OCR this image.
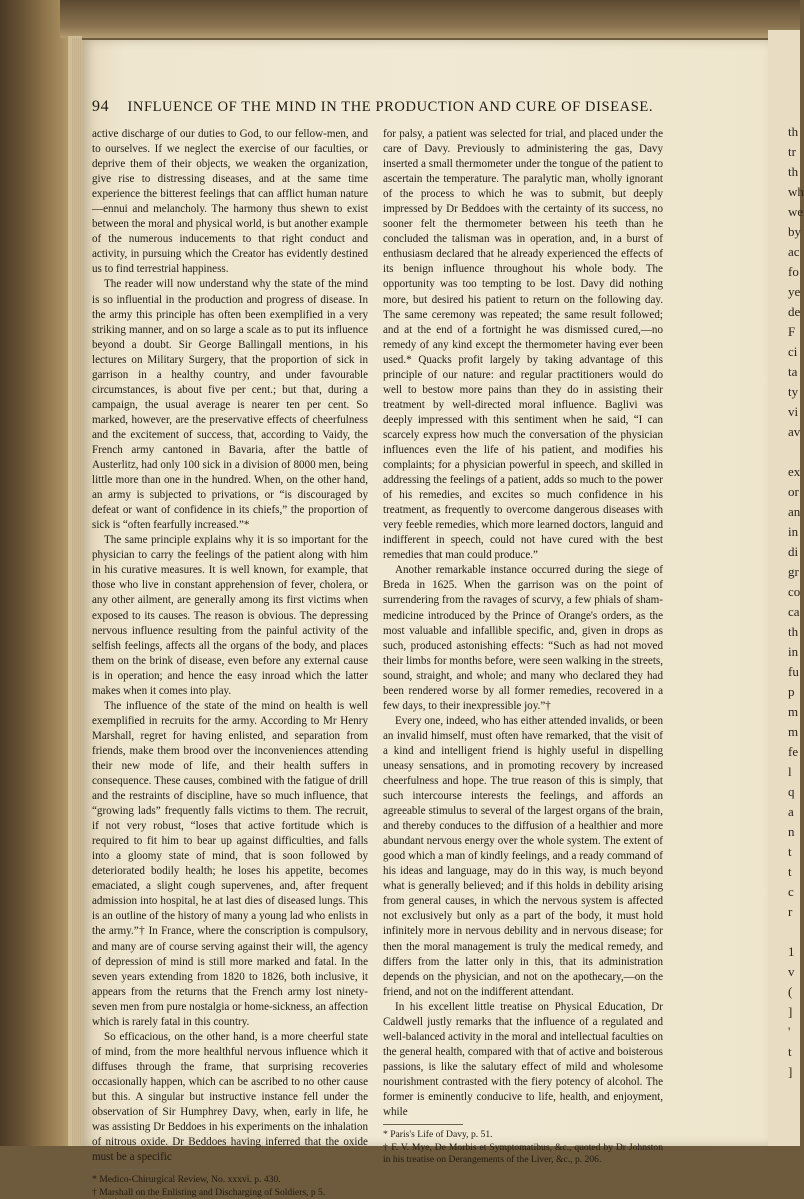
th
tr
th
wh
we
by
ac
fo
ye
de
F
ci
ta
ty
vi
av

ex
or
an
in
di
gr
co
ca
th
in
fu
p
m
m
fe
l
q
a
n
t
t
c
r

1
v
(
]
'
t
]
94 INFLUENCE OF THE MIND IN THE PRODUCTION AND CURE OF DISEASE.

active discharge of our duties to God, to our fellow-men, and to ourselves. If we neglect the exercise of our faculties, or deprive them of their objects, we weaken the organization, give rise to distressing diseases, and at the same time experience the bitterest feelings that can afflict human nature—ennui and melancholy. The harmony thus shewn to exist between the moral and physical world, is but another example of the numerous inducements to that right conduct and activity, in pursuing which the Creator has evidently destined us to find terrestrial happiness.

The reader will now understand why the state of the mind is so influential in the production and progress of disease. In the army this principle has often been exemplified in a very striking manner, and on so large a scale as to put its influence beyond a doubt. Sir George Ballingall mentions, in his lectures on Military Surgery, that the proportion of sick in garrison in a healthy country, and under favourable circumstances, is about five per cent.; but that, during a campaign, the usual average is nearer ten per cent. So marked, however, are the preservative effects of cheerfulness and the excitement of success, that, according to Vaidy, the French army cantoned in Bavaria, after the battle of Austerlitz, had only 100 sick in a division of 8000 men, being little more than one in the hundred. When, on the other hand, an army is subjected to privations, or “is discouraged by defeat or want of confidence in its chiefs,” the proportion of sick is “often fearfully increased.”*

The same principle explains why it is so important for the physician to carry the feelings of the patient along with him in his curative measures. It is well known, for example, that those who live in constant apprehension of fever, cholera, or any other ailment, are generally among its first victims when exposed to its causes. The reason is obvious. The depressing nervous influence resulting from the painful activity of the selfish feelings, affects all the organs of the body, and places them on the brink of disease, even before any external cause is in operation; and hence the easy inroad which the latter makes when it comes into play.

The influence of the state of the mind on health is well exemplified in recruits for the army. According to Mr Henry Marshall, regret for having enlisted, and separation from friends, make them brood over the inconveniences attending their new mode of life, and their health suffers in consequence. These causes, combined with the fatigue of drill and the restraints of discipline, have so much influence, that “growing lads” frequently falls victims to them. The recruit, if not very robust, “loses that active fortitude which is required to fit him to bear up against difficulties, and falls into a gloomy state of mind, that is soon followed by deteriorated bodily health; he loses his appetite, becomes emaciated, a slight cough supervenes, and, after frequent admission into hospital, he at last dies of diseased lungs. This is an outline of the history of many a young lad who enlists in the army.”† In France, where the conscription is compulsory, and many are of course serving against their will, the agency of depression of mind is still more marked and fatal. In the seven years extending from 1820 to 1826, both inclusive, it appears from the returns that the French army lost ninety-seven men from pure nostalgia or home-sickness, an affection which is rarely fatal in this country.

So efficacious, on the other hand, is a more cheerful state of mind, from the more healthful nervous influence which it diffuses through the frame, that surprising recoveries occasionally happen, which can be ascribed to no other cause but this. A singular but instructive instance fell under the observation of Sir Humphrey Davy, when, early in life, he was assisting Dr Beddoes in his experiments on the inhalation of nitrous oxide. Dr Beddoes having inferred that the oxide must be a specific

* Medico-Chirurgical Review, No. xxxvi. p. 430.

† Marshall on the Enlisting and Discharging of Soldiers, p 5.

for palsy, a patient was selected for trial, and placed under the care of Davy. Previously to administering the gas, Davy inserted a small thermometer under the tongue of the patient to ascertain the temperature. The paralytic man, wholly ignorant of the process to which he was to submit, but deeply impressed by Dr Beddoes with the certainty of its success, no sooner felt the thermometer between his teeth than he concluded the talisman was in operation, and, in a burst of enthusiasm declared that he already experienced the effects of its benign influence throughout his whole body. The opportunity was too tempting to be lost. Davy did nothing more, but desired his patient to return on the following day. The same ceremony was repeated; the same result followed; and at the end of a fortnight he was dismissed cured,—no remedy of any kind except the thermometer having ever been used.* Quacks profit largely by taking advantage of this principle of our nature: and regular practitioners would do well to bestow more pains than they do in assisting their treatment by well-directed moral influence. Baglivi was deeply impressed with this sentiment when he said, “I can scarcely express how much the conversation of the physician influences even the life of his patient, and modifies his complaints; for a physician powerful in speech, and skilled in addressing the feelings of a patient, adds so much to the power of his remedies, and excites so much confidence in his treatment, as frequently to overcome dangerous diseases with very feeble remedies, which more learned doctors, languid and indifferent in speech, could not have cured with the best remedies that man could produce.”

Another remarkable instance occurred during the siege of Breda in 1625. When the garrison was on the point of surrendering from the ravages of scurvy, a few phials of sham-medicine introduced by the Prince of Orange's orders, as the most valuable and infallible specific, and, given in drops as such, produced astonishing effects: “Such as had not moved their limbs for months before, were seen walking in the streets, sound, straight, and whole; and many who declared they had been rendered worse by all former remedies, recovered in a few days, to their inexpressible joy.”†

Every one, indeed, who has either attended invalids, or been an invalid himself, must often have remarked, that the visit of a kind and intelligent friend is highly useful in dispelling uneasy sensations, and in promoting recovery by increased cheerfulness and hope. The true reason of this is simply, that such intercourse interests the feelings, and affords an agreeable stimulus to several of the largest organs of the brain, and thereby conduces to the diffusion of a healthier and more abundant nervous energy over the whole system. The extent of good which a man of kindly feelings, and a ready command of his ideas and language, may do in this way, is much beyond what is generally believed; and if this holds in debility arising from general causes, in which the nervous system is affected not exclusively but only as a part of the body, it must hold infinitely more in nervous debility and in nervous disease; for then the moral management is truly the medical remedy, and differs from the latter only in this, that its administration depends on the physician, and not on the apothecary,—on the friend, and not on the indifferent attendant.

In his excellent little treatise on Physical Education, Dr Caldwell justly remarks that the influence of a regulated and well-balanced activity in the moral and intellectual faculties on the general health, compared with that of active and boisterous passions, is like the salutary effect of mild and wholesome nourishment contrasted with the fiery potency of alcohol. The former is eminently conducive to life, health, and enjoyment, while

* Paris's Life of Davy, p. 51.

† F. V. Mye, De Morbis et Symptomatibus, &c., quoted by Dr Johnston in his treatise on Derangements of the Liver, &c., p. 206.
